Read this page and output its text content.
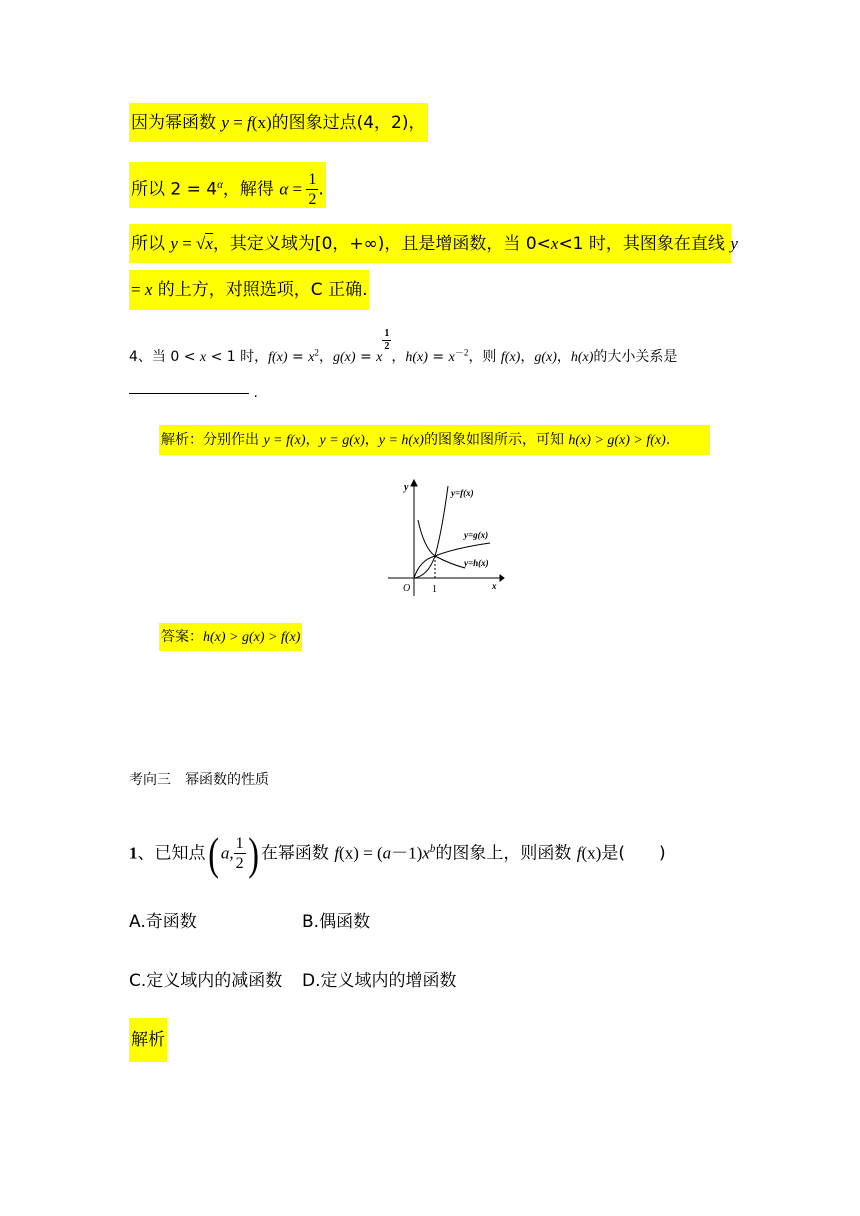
因为幂函数 y = f(x)的图象过点(4，2)，
所以 $2 = 4^\alpha$，解得 $\alpha = \frac{1}{2}$ .
所以 y = √x，其定义域为[0，+∞)，且是增函数，当 0<x<1 时，其图象在直线 y
= x 的上方，对照选项，C 正确.
4、当 0 < x < 1 时，$f(x) = x^2$，g(x) = x
$\frac{1}{2}$
，$h(x) = x^{-2}$，则 f(x)，g(x)，h(x)的大小关系是
.
解析：分别作出 y = f(x)，y = g(x)，y = h(x)的图象如图所示，可知 h(x) > g(x) > f(x).
y
x
O 1
y=f(x)
y=g(x)
y=h(x)
答案：h(x) > g(x) > f(x)
考向三　幂函数的性质
1、已知点( a, $\frac{1}{2}$ ) 在幂函数 $f(x) = (a-1)x^b$的图象上，则函数 f(x)是(　　)
A.奇函数	B.偶函数
C.定义域内的减函数 D.定义域内的增函数
解析
